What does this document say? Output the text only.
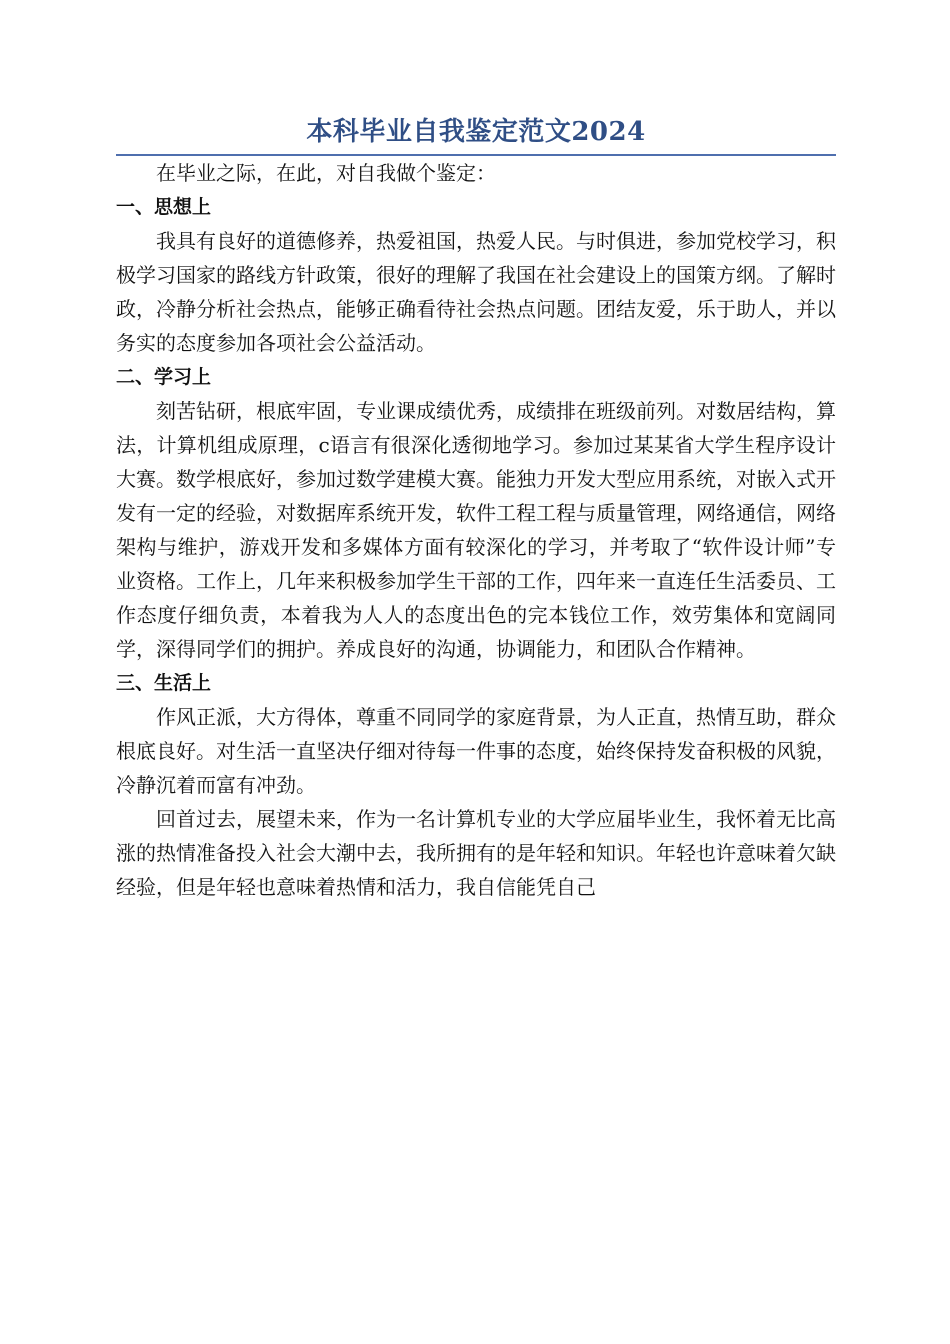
本科毕业自我鉴定范文2024

在毕业之际，在此，对自我做个鉴定：

一、思想上

我具有良好的道德修养，热爱祖国，热爱人民。与时俱进，参加党校学习，积极学习国家的路线方针政策，很好的理解了我国在社会建设上的国策方纲。了解时政，冷静分析社会热点，能够正确看待社会热点问题。团结友爱，乐于助人，并以务实的态度参加各项社会公益活动。

二、学习上

刻苦钻研，根底牢固，专业课成绩优秀，成绩排在班级前列。对数居结构，算法，计算机组成原理，c语言有很深化透彻地学习。参加过某某省大学生程序设计大赛。数学根底好，参加过数学建模大赛。能独力开发大型应用系统，对嵌入式开发有一定的经验，对数据库系统开发，软件工程工程与质量管理，网络通信，网络架构与维护，游戏开发和多媒体方面有较深化的学习，并考取了“软件设计师”专业资格。工作上，几年来积极参加学生干部的工作，四年来一直连任生活委员、工作态度仔细负责，本着我为人人的态度出色的完本钱位工作，效劳集体和宽阔同学，深得同学们的拥护。养成良好的沟通，协调能力，和团队合作精神。

三、生活上

作风正派，大方得体，尊重不同同学的家庭背景，为人正直，热情互助，群众根底良好。对生活一直坚决仔细对待每一件事的态度，始终保持发奋积极的风貌，冷静沉着而富有冲劲。

回首过去，展望未来，作为一名计算机专业的大学应届毕业生，我怀着无比高涨的热情准备投入社会大潮中去，我所拥有的是年轻和知识。年轻也许意味着欠缺经验，但是年轻也意味着热情和活力，我自信能凭自己
